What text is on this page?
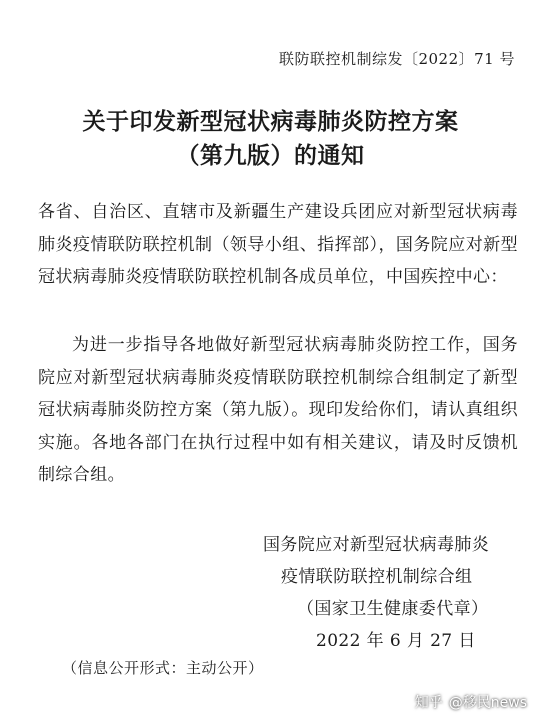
联防联控机制综发〔2022〕71 号
关于印发新型冠状病毒肺炎防控方案
（第九版）的通知

各省、自治区、直辖市及新疆生产建设兵团应对新型冠状病毒肺炎疫情联防联控机制（领导小组、指挥部），国务院应对新型冠状病毒肺炎疫情联防联控机制各成员单位，中国疾控中心：

为进一步指导各地做好新型冠状病毒肺炎防控工作，国务院应对新型冠状病毒肺炎疫情联防联控机制综合组制定了新型冠状病毒肺炎防控方案（第九版）。现印发给你们，请认真组织实施。各地各部门在执行过程中如有相关建议，请及时反馈机制综合组。

国务院应对新型冠状病毒肺炎
疫情联防联控机制综合组
（国家卫生健康委代章）
2022 年 6 月 27 日
（信息公开形式：主动公开）
知乎 @移民news
